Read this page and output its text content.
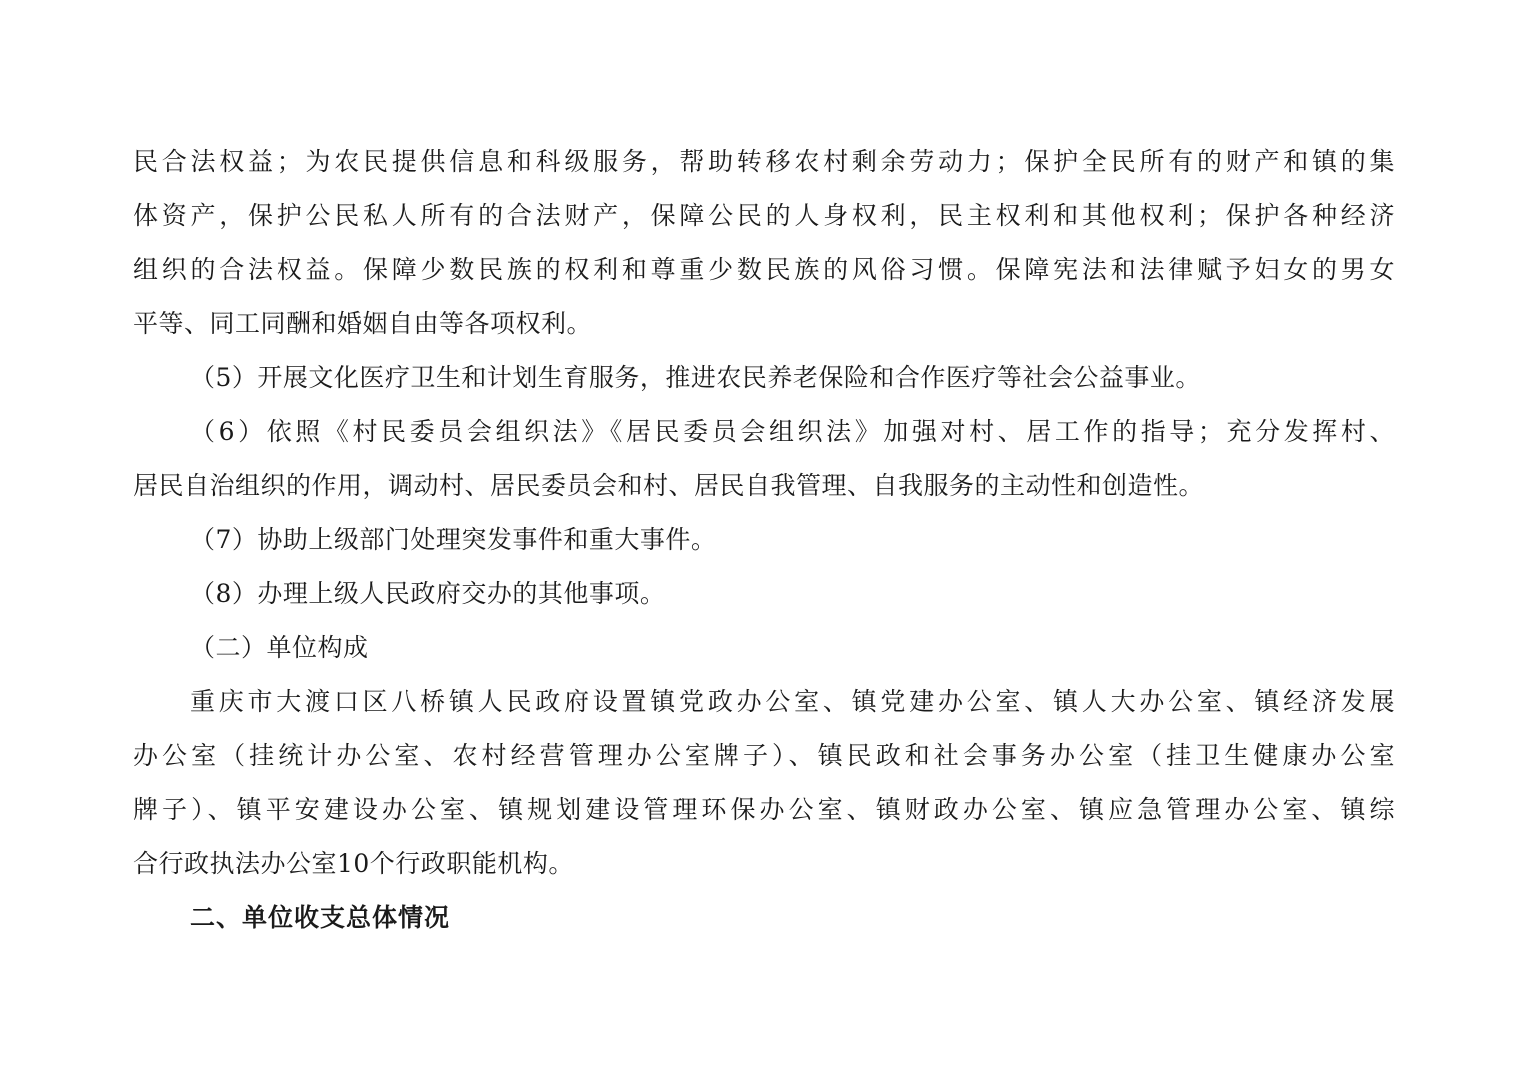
民合法权益；为农民提供信息和科级服务，帮助转移农村剩余劳动力；保护全民所有的财产和镇的集
体资产，保护公民私人所有的合法财产，保障公民的人身权利，民主权利和其他权利；保护各种经济
组织的合法权益。保障少数民族的权利和尊重少数民族的风俗习惯。保障宪法和法律赋予妇女的男女
平等、同工同酬和婚姻自由等各项权利。
（5）开展文化医疗卫生和计划生育服务，推进农民养老保险和合作医疗等社会公益事业。
（6）依照《村民委员会组织法》《居民委员会组织法》加强对村、居工作的指导；充分发挥村、
居民自治组织的作用，调动村、居民委员会和村、居民自我管理、自我服务的主动性和创造性。
（7）协助上级部门处理突发事件和重大事件。
（8）办理上级人民政府交办的其他事项。
（二）单位构成
重庆市大渡口区八桥镇人民政府设置镇党政办公室、镇党建办公室、镇人大办公室、镇经济发展
办公室（挂统计办公室、农村经营管理办公室牌子）、镇民政和社会事务办公室（挂卫生健康办公室
牌子）、镇平安建设办公室、镇规划建设管理环保办公室、镇财政办公室、镇应急管理办公室、镇综
合行政执法办公室10个行政职能机构。
二、单位收支总体情况
